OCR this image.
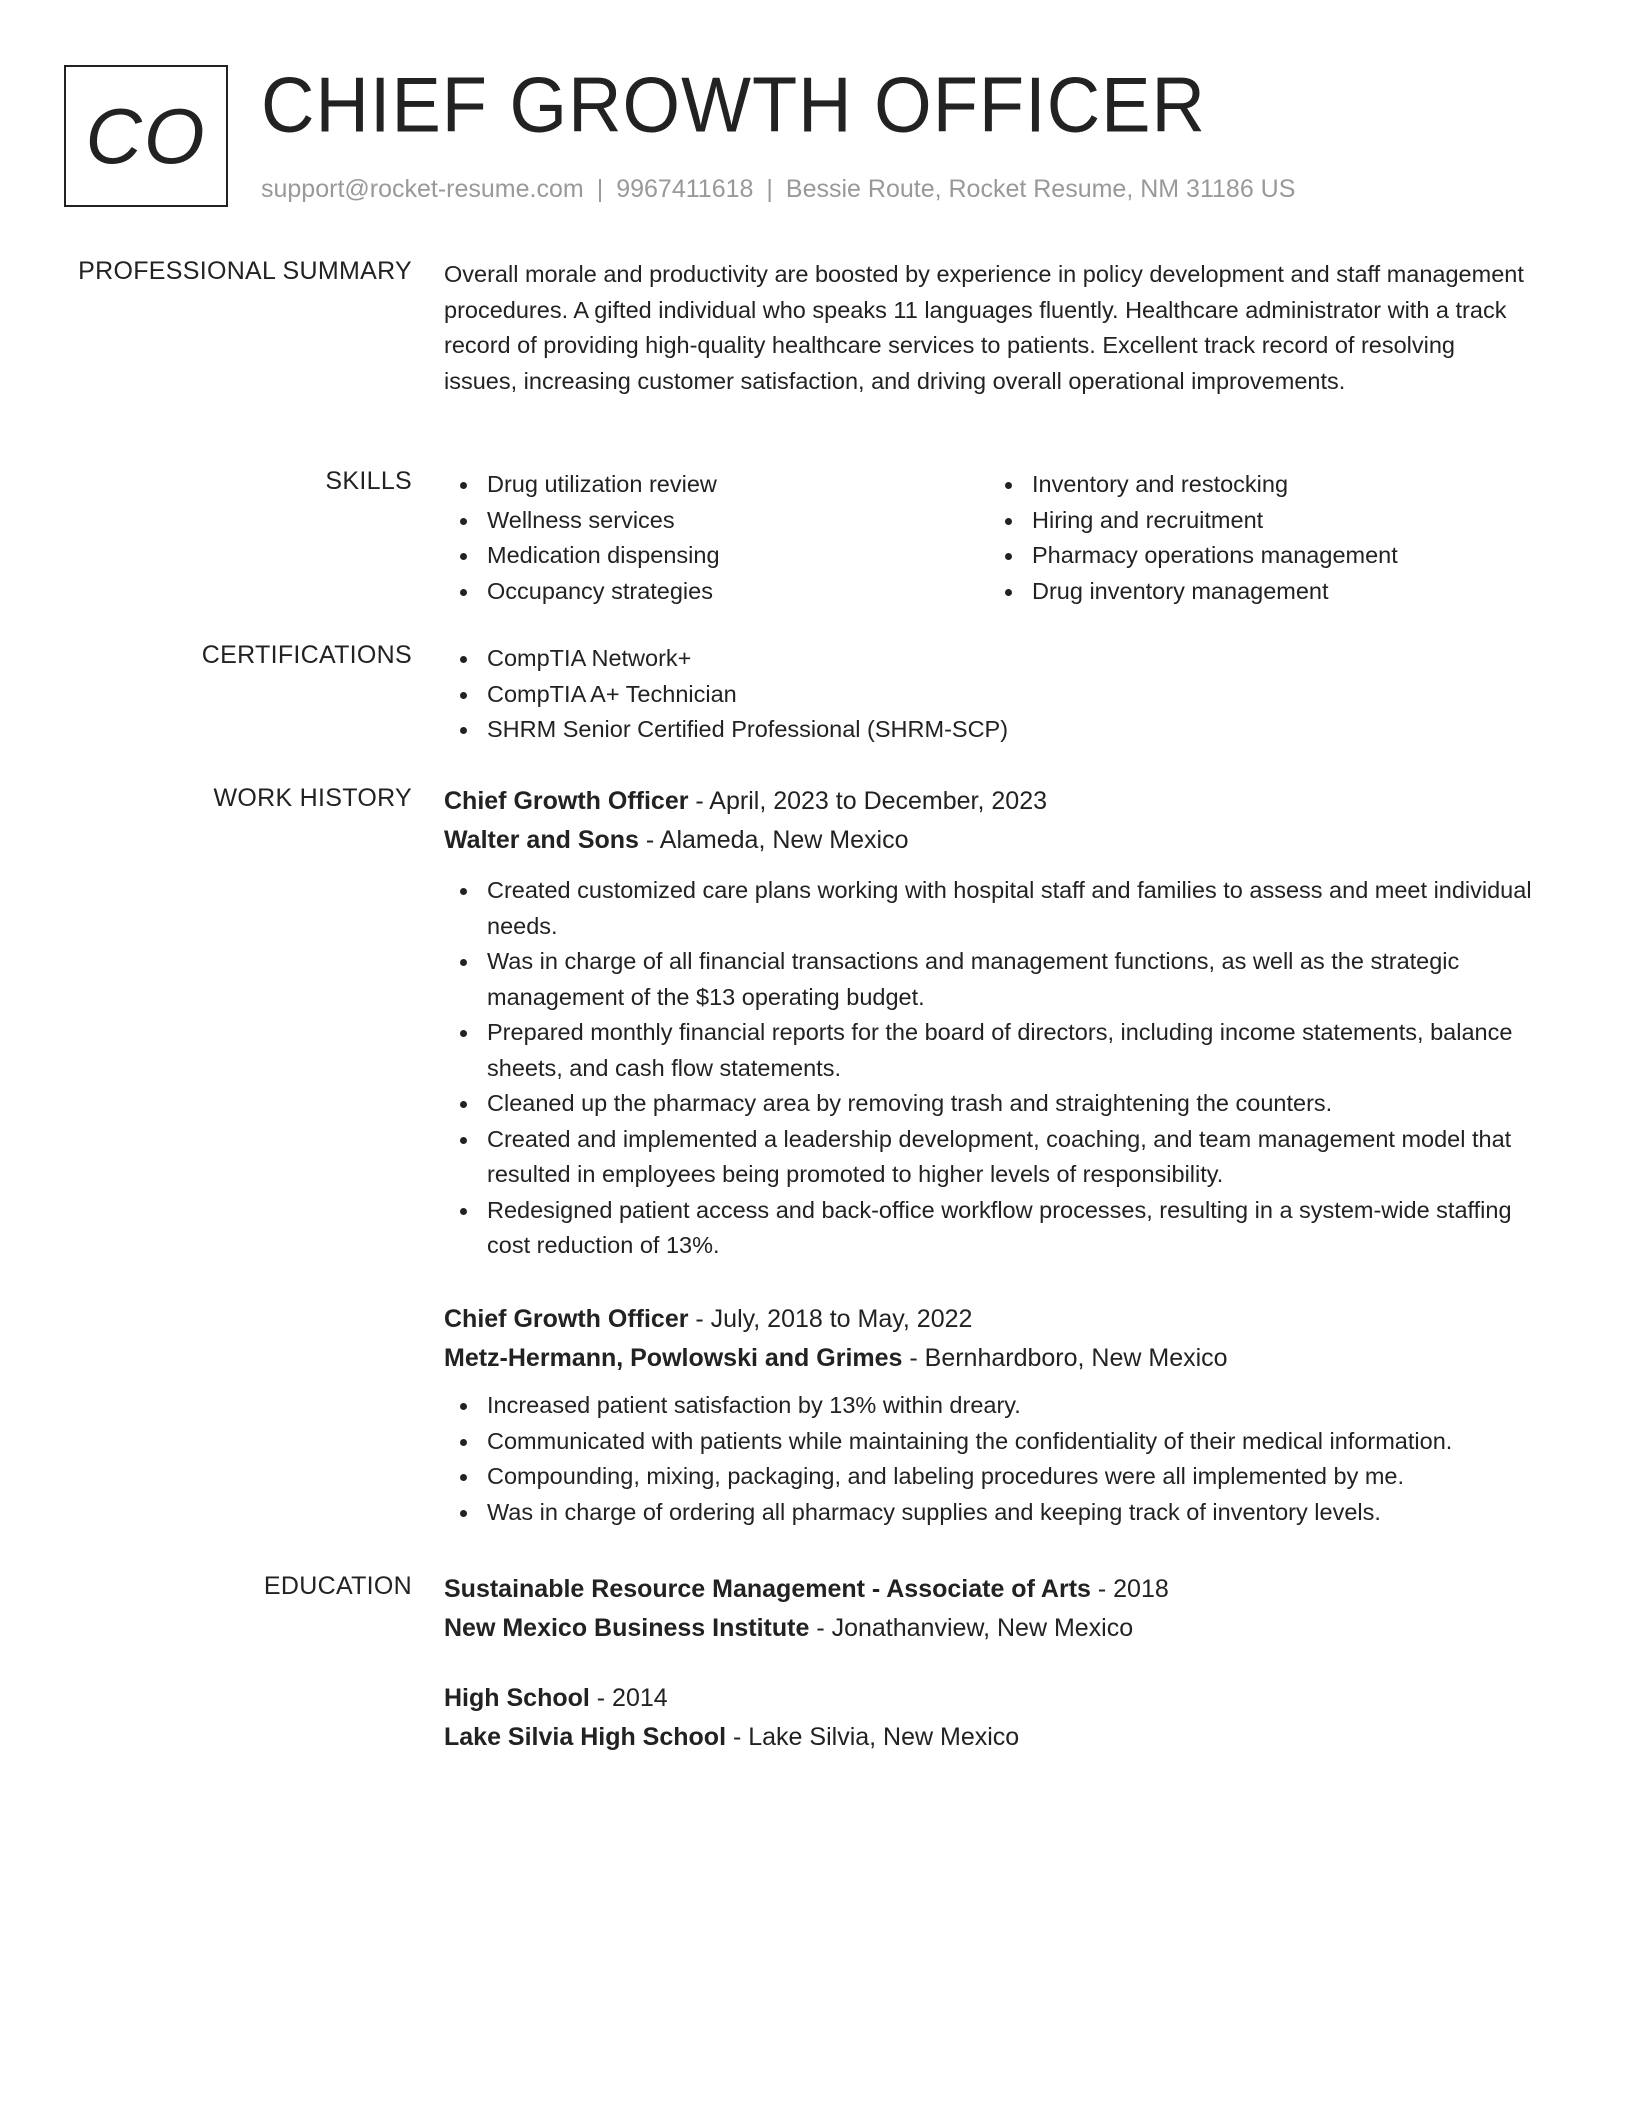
CO CHIEF GROWTH OFFICER
support@rocket-resume.com | 9967411618 | Bessie Route, Rocket Resume, NM 31186 US
PROFESSIONAL SUMMARY Overall morale and productivity are boosted by experience in policy development and staff management procedures. A gifted individual who speaks 11 languages fluently. Healthcare administrator with a track record of providing high-quality healthcare services to patients. Excellent track record of resolving issues, increasing customer satisfaction, and driving overall operational improvements.
SKILLS	Drug utilization review
Wellness services
Medication dispensing
Occupancy strategies
Inventory and restocking
Hiring and recruitment
Pharmacy operations management
Drug inventory management
CERTIFICATIONS	CompTIA Network+
CompTIA A+ Technician
SHRM Senior Certified Professional (SHRM-SCP)
WORK HISTORY Chief Growth Officer - April, 2023 to December, 2023
Walter and Sons - Alameda, New Mexico
Created customized care plans working with hospital staff and families to assess and meet individual needs.
Was in charge of all financial transactions and management functions, as well as the strategic management of the $13 operating budget.
Prepared monthly financial reports for the board of directors, including income statements, balance sheets, and cash flow statements.
Cleaned up the pharmacy area by removing trash and straightening the counters.
Created and implemented a leadership development, coaching, and team management model that resulted in employees being promoted to higher levels of responsibility.
Redesigned patient access and back-office workflow processes, resulting in a system-wide staffing cost reduction of 13%.
Chief Growth Officer - July, 2018 to May, 2022
Metz-Hermann, Powlowski and Grimes - Bernhardboro, New Mexico
Increased patient satisfaction by 13% within dreary.
Communicated with patients while maintaining the confidentiality of their medical information.
Compounding, mixing, packaging, and labeling procedures were all implemented by me.
Was in charge of ordering all pharmacy supplies and keeping track of inventory levels.
EDUCATION Sustainable Resource Management - Associate of Arts - 2018
New Mexico Business Institute - Jonathanview, New Mexico
High School - 2014
Lake Silvia High School - Lake Silvia, New Mexico
